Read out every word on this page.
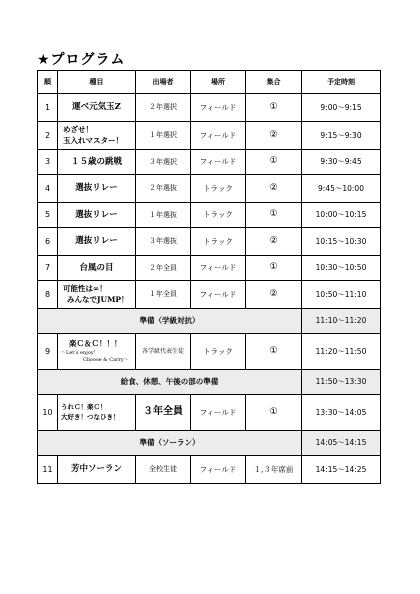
★プログラム
順	種目	出場者	場所	集合	予定時刻
1	運べ元気玉Z	２年選択	フィールド	①	9:00～9:15
2	めざせ！
玉入れマスター！	１年選択	フィールド	②	9:15～9:30
3	１５歳の跳戦	３年選択	フィールド	①	9:30～9:45
4	選抜リレー	２年選抜	トラック	②	9:45～10:00
5	選抜リレー	１年選抜	トラック	①	10:00～10:15
6	選抜リレー	３年選抜	トラック	②	10:15～10:30
7	台風の目	２年全員	フィールド	①	10:30～10:50
8	可能性は∞！
みんなでJUMP！	１年全員	フィールド	②	10:50～11:10
準備（学級対抗）					11:10～11:20
9	楽Ｃ＆Ｃ！！！
～Let’s enjoy！
Choose & Carry～	各学級代表生徒	トラック	①	11:20～11:50
給食、休憩、午後の部の準備					11:50～13:30
10	うれＣ！楽Ｃ！
大好き！つなひき！	３年全員	フィールド	①	13:30～14:05
準備（ソーラン）					14:05～14:15
11	芳中ソーラン	全校生徒	フィールド	１,３年席前	14:15～14:25
